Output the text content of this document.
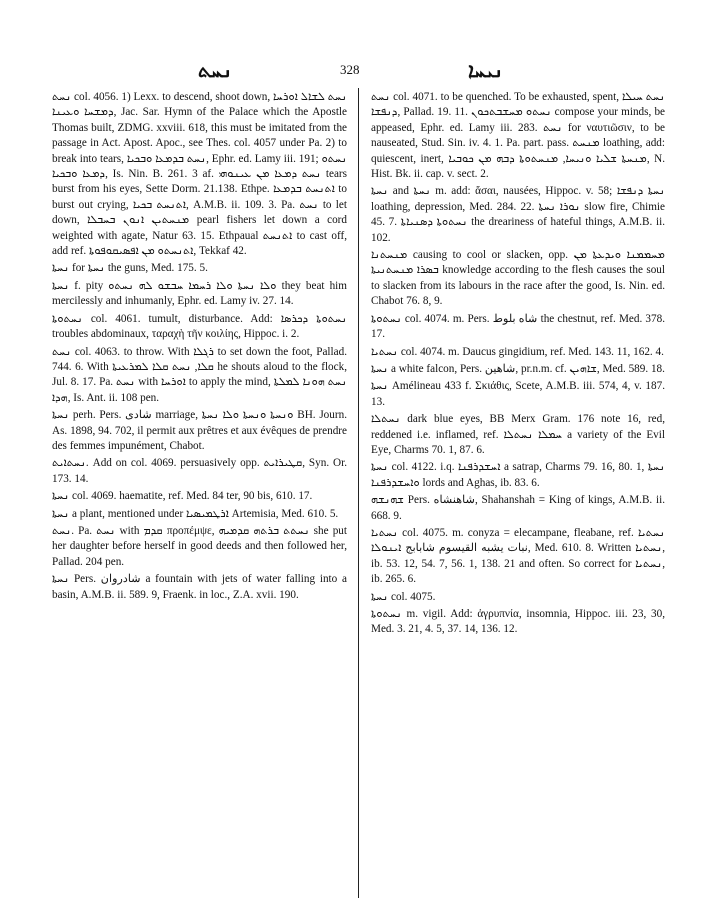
ܢܚܬ	328	ܢܝܚܐ

ܢܚܬ col. 4056. 1) Lexx. to descend, shoot down, ܢܚܬ ܠܫܐܠ ܐܘܪܚܐ ܕܡܫܚܐ ܘܥܝܢܐ, Jac. Sar. Hymn of the Palace which the Apostle Thomas built, ZDMG. xxviii. 618, this must be imitated from the passage in Act. Apost. Apoc., see Thes. col. 4057 under Pa. 2) to break into tears, ܢܚܬ ܒܕܡܥܐ ܘܒܟܝܐ, Ephr. ed. Lamy iii. 191; ܢܚܬܘ ܕܡܥܐ ܘܒܟܝܐ, Is. Nin. B. 261. 3 af. ܢܚܬ ܕܡܥܐ ܡܢ ܥܝܢܘܗܝ tears burst from his eyes, Sette Dorm. 21.138. Ethpe. ܐܬܢܚܬ ܒܕܡܥܐ to burst out crying, ܐܬܢܚܬ ܒܟܝܐ, A.M.B. ii. 109. 3. Pa. ܢܚܬ to let down, ܡܢܚܬܝܢ ܐܢܘܢ ܒܚܒܠܐ pearl fishers let down a cord weighted with agate, Natur 63. 15. Ethpaual ܐܬܢܚܬ to cast off, add ref. ܐܬܢܚܬܘ ܡܢ ܐܦܣܝܩܘܦܘܬܐ, Tekkaf 42.

ܢܚܬܐ for ܢܚܬܐ the guns, Med. 175. 5.

ܢܚܬܐ f. pity ܘܠܐ ܢܚܬܐ ܘܠܐ ܪܚܡܐ ܚܒܫܘ ܠܗ ܢܚܬܘ they beat him mercilessly and inhumanly, Ephr. ed. Lamy iv. 27. 14.

ܢܚܬܘܬܐ col. 4061. tumult, disturbance. Add: ܢܚܬܘܬܐ ܕܟܪܣܐ troubles abdominaux, ταραχὴ τῆν κοιλίης, Hippoc. i. 2.

ܢܚܬ col. 4063. to throw. With ܪܓܠܐ to set down the foot, Pallad. 744. 6. With ܩܠܐ, ܢܚܬ ܩܠܐ ܠܡܪܥܝܬܐ he shouts aloud to the flock, Jul. 8. 17. Pa. ܢܚܬ with ܐܘܪܚܐ to apply the mind, ܢܚܬ ܗܘܢܐ ܠܡܠܬܐ ܗܕܐ, Is. Ant. ii. 108 pen.

ܢܚܬܐ perh. Pers. شادی marriage, ܘܢܚܬܐ ܘܢܚܬܐ ܘܠܐ ܢܚܬܐ BH. Journ. As. 1898, 94. 702, il permit aux prêtres et aux évêques de prendre des femmes impunément, Chabot.

ܢܚܬܐܝܬ. Add on col. 4069. persuasively opp. ܩܛܝܪܐܝܬ, Syn. Or. 173. 14.

ܢܚܬܐ col. 4069. haematite, ref. Med. 84 ter, 90 bis, 610. 17.

ܢܚܬܐ a plant, mentioned under ܐܪܛܡܝܣܝܐ Artemisia, Med. 610. 5.

ܢܚܬ. Pa. ܢܚܬ with ܩܕܡ προπέμψε, ܢܚܬܬ ܒܪܬܗ ܩܕܡܝܗ she put her daughter before herself in good deeds and then followed her, Pallad. 204 pen.

ܢܚܬܐ Pers. شادروان a fountain with jets of water falling into a basin, A.M.B. ii. 589. 9, Fraenk. in loc., Z.A. xvii. 190.

ܢܚܬ col. 4071. to be quenched. To be exhausted, spent, ܢܚܬ ܚܝܠܐ ܕܢܦܫܐ, Pallad. 19. 11. ܢܚܬܘ ܡܚܫܒܬܟܘܢ compose your minds, be appeased, Ephr. ed. Lamy iii. 283. ܢܚܬ for ναυτιῶσιν, to be nauseated, Stud. Sin. iv. 4. 1. Pa. part. pass. ܡܢܚܬ loathing, add: quiescent, inert, ܡܢܚܬܐ ܫܠܝܐ ܘܢܝܚܐ, ܡܢܚܬܘܬܐ ܕܒܗ ܡܢ ܟܘܒܝܐ, N. Hist. Bk. ii. cap. v. sect. 2.

ܢܚܬܐ and ܢܚܬܐ m. add: ἄσαι, nausées, Hippoc. v. 58; ܢܚܬܐ ܕܢܦܫܐ loathing, depression, Med. 284. 22. ܢܘܪܐ ܢܚܬܐ slow fire, Chimie 45. 7. ܢܚܬܘܬܐ ܕܣܢܝܐܬܐ the dreariness of hateful things, A.M.B. ii. 102.

ܡܢܚܬܢܐ causing to cool or slacken, opp. ܡܚܡܡܢܐ ܘܝܕܥܬܐ ܡܢ ܒܣܪܐ ܡܢܚܬܢܝܬܐ knowledge according to the flesh causes the soul to slacken from its labours in the race after the good, Is. Nin. ed. Chabot 76. 8, 9.

ܢܚܬܘܬܐ col. 4074. m. Pers. شاه بلوط the chestnut, ref. Med. 378. 17.

ܢܚܬܝܐ col. 4074. m. Daucus gingidium, ref. Med. 143. 11, 162. 4.

ܢܚܬܐ a white falcon, Pers. شاهين, pr.n.m. cf. ܫܐܗܝܢ, Med. 589. 18.

ܢܚܬܐ Amélineau 433 f. Σκιάθις, Scete, A.M.B. iii. 574, 4, v. 187. 13.

ܢܚܬܠܐ dark blue eyes, BB Merx Gram. 176 note 16, red, reddened i.e. inflamed, ref. ܚܡܠܐ ܢܚܬܠܐ a variety of the Evil Eye, Charms 70. 1, 87. 6.

ܢܚܬܐ col. 4122. i.q. ܐܚܫܕܪܦܢܐ a satrap, Charms 79. 16, 80. 1, ܢܚܬܐ ܘܐܚܫܕܪܦܢܐ lords and Aghas, ib. 83. 6.

ܫܗܢܫܗ Pers. شاهنشاه, Shahanshah = King of kings, A.M.B. ii. 668. 9.

ܢܚܬܝܐ col. 4075. m. conyza = elecampane, fleabane, ref. ܢܚܬܝܐ نبات يشبه القيسوم شابابج ܐܝܢܘܠܐ, Med. 610. 8. Written ܢܚܬܝܐ, ib. 53. 12, 54. 7, 56. 1, 138. 21 and often. So correct for ܢܚܬܝܐ, ib. 265. 6.

ܢܚܬܐ col. 4075.

ܢܚܬܘܬܐ m. vigil. Add: ἀγρυπνία, insomnia, Hippoc. iii. 23, 30, Med. 3. 21, 4. 5, 37. 14, 136. 12.
